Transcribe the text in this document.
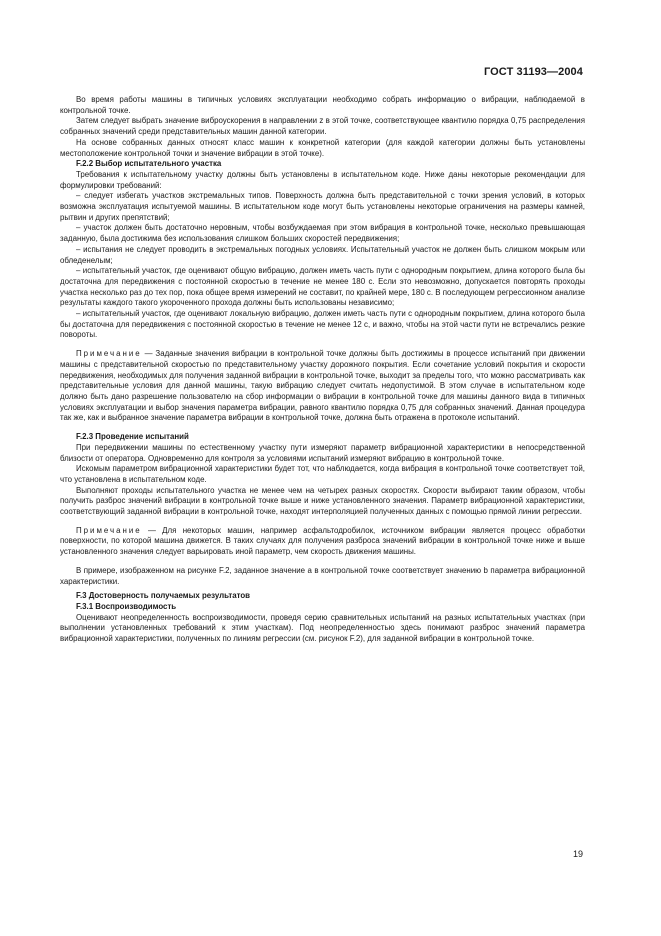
ГОСТ 31193—2004

Во время работы машины в типичных условиях эксплуатации необходимо собрать информацию о вибрации, наблюдаемой в контрольной точке.

Затем следует выбрать значение виброускорения в направлении z в этой точке, соответствующее квантилю порядка 0,75 распределения собранных значений среди представительных машин данной категории.

На основе собранных данных относят класс машин к конкретной категории (для каждой категории должны быть установлены местоположение контрольной точки и значение вибрации в этой точке).

F.2.2 Выбор испытательного участка

Требования к испытательному участку должны быть установлены в испытательном коде. Ниже даны некоторые рекомендации для формулировки требований:

– следует избегать участков экстремальных типов. Поверхность должна быть представительной с точки зрения условий, в которых возможна эксплуатация испытуемой машины. В испытательном коде могут быть установлены некоторые ограничения на размеры камней, рытвин и других препятствий;

– участок должен быть достаточно неровным, чтобы возбуждаемая при этом вибрация в контрольной точке, несколько превышающая заданную, была достижима без использования слишком больших скоростей передвижения;

– испытания не следует проводить в экстремальных погодных условиях. Испытательный участок не должен быть слишком мокрым или обледенелым;

– испытательный участок, где оценивают общую вибрацию, должен иметь часть пути с однородным покрытием, длина которого была бы достаточна для передвижения с постоянной скоростью в течение не менее 180 с. Если это невозможно, допускается повторять проходы участка несколько раз до тех пор, пока общее время измерений не составит, по крайней мере, 180 с. В последующем регрессионном анализе результаты каждого такого укороченного прохода должны быть использованы независимо;

– испытательный участок, где оценивают локальную вибрацию, должен иметь часть пути с однородным покрытием, длина которого была бы достаточна для передвижения с постоянной скоростью в течение не менее 12 с, и важно, чтобы на этой части пути не встречались резкие повороты.

Примечание — Заданные значения вибрации в контрольной точке должны быть достижимы в процессе испытаний при движении машины с представительной скоростью по представительному участку дорожного покрытия. Если сочетание условий покрытия и скорости передвижения, необходимых для получения заданной вибрации в контрольной точке, выходит за пределы того, что можно рассматривать как представительные условия для данной машины, такую вибрацию следует считать недопустимой. В этом случае в испытательном коде должно быть дано разрешение пользователю на сбор информации о вибрации в контрольной точке для машины данного вида в типичных условиях эксплуатации и выбор значения параметра вибрации, равного квантилю порядка 0,75 для собранных значений. Данная процедура так же, как и выбранное значение параметра вибрации в контрольной точке, должна быть отражена в протоколе испытаний.

F.2.3 Проведение испытаний

При передвижении машины по естественному участку пути измеряют параметр вибрационной характеристики в непосредственной близости от оператора. Одновременно для контроля за условиями испытаний измеряют вибрацию в контрольной точке.

Искомым параметром вибрационной характеристики будет тот, что наблюдается, когда вибрация в контрольной точке соответствует той, что установлена в испытательном коде.

Выполняют проходы испытательного участка не менее чем на четырех разных скоростях. Скорости выбирают таким образом, чтобы получить разброс значений вибрации в контрольной точке выше и ниже установленного значения. Параметр вибрационной характеристики, соответствующий заданной вибрации в контрольной точке, находят интерполяцией полученных данных с помощью прямой линии регрессии.

Примечание — Для некоторых машин, например асфальтодробилок, источником вибрации является процесс обработки поверхности, по которой машина движется. В таких случаях для получения разброса значений вибрации в контрольной точке ниже и выше установленного значения следует варьировать иной параметр, чем скорость движения машины.

В примере, изображенном на рисунке F.2, заданное значение a в контрольной точке соответствует значению b параметра вибрационной характеристики.

F.3 Достоверность получаемых результатов

F.3.1 Воспроизводимость

Оценивают неопределенность воспроизводимости, проведя серию сравнительных испытаний на разных испытательных участках (при выполнении установленных требований к этим участкам). Под неопределенностью здесь понимают разброс значений параметра вибрационной характеристики, полученных по линиям регрессии (см. рисунок F.2), для заданной вибрации в контрольной точке.

19
